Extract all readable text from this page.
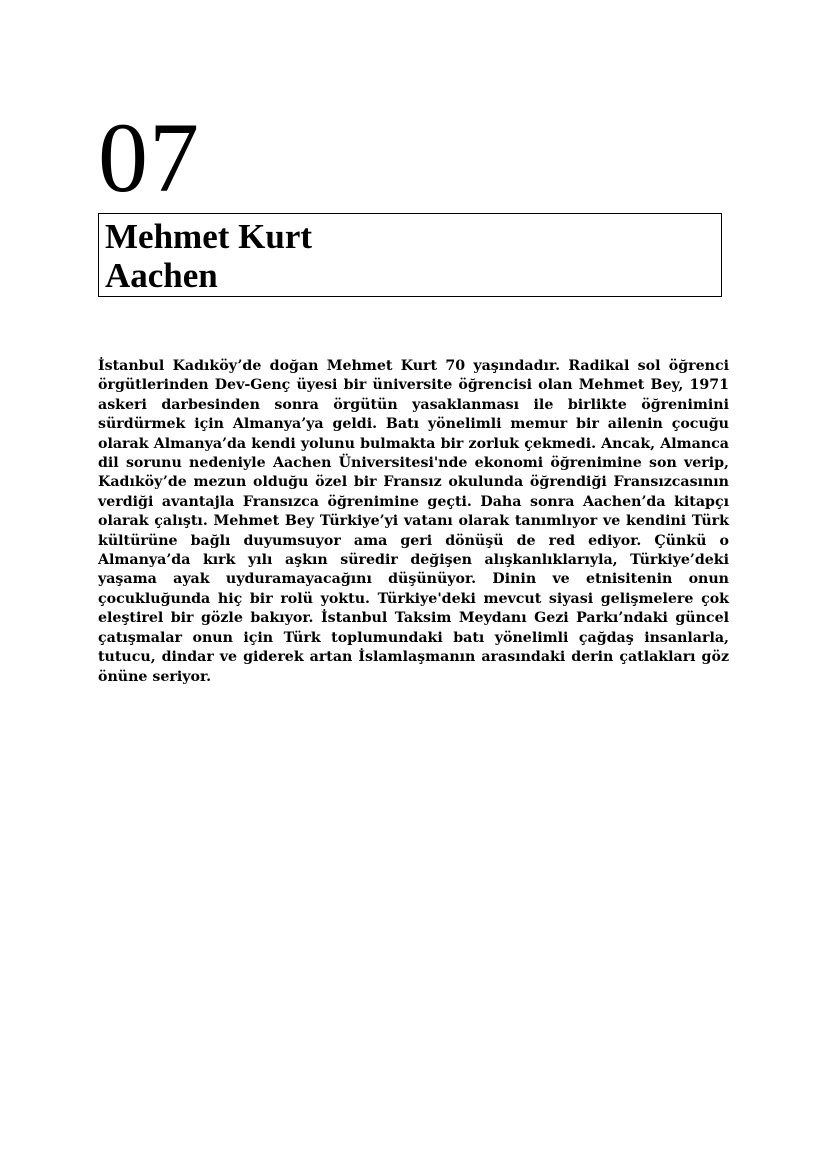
07
Mehmet Kurt
Aachen

İstanbul Kadıköy’de doğan Mehmet Kurt 70 yaşındadır. Radikal sol öğrenci örgütlerinden Dev-Genç üyesi bir üniversite öğrencisi olan Mehmet Bey, 1971 askeri darbesinden sonra örgütün yasaklanması ile birlikte öğrenimini sürdürmek için Almanya’ya geldi. Batı yönelimli memur bir ailenin çocuğu olarak Almanya’da kendi yolunu bulmakta bir zorluk çekmedi. Ancak, Almanca dil sorunu nedeniyle Aachen Üniversitesi'nde ekonomi öğrenimine son verip, Kadıköy’de mezun olduğu özel bir Fransız okulunda öğrendiği Fransızcasının verdiği avantajla Fransızca öğrenimine geçti. Daha sonra Aachen’da kitapçı olarak çalıştı. Mehmet Bey Türkiye’yi vatanı olarak tanımlıyor ve kendini Türk kültürüne bağlı duyumsuyor ama geri dönüşü de red ediyor. Çünkü o Almanya’da kırk yılı aşkın süredir değişen alışkanlıklarıyla, Türkiye’deki yaşama ayak uyduramayacağını düşünüyor. Dinin ve etnisitenin onun çocukluğunda hiç bir rolü yoktu. Türkiye'deki mevcut siyasi gelişmelere çok eleştirel bir gözle bakıyor. İstanbul Taksim Meydanı Gezi Parkı’ndaki güncel çatışmalar onun için Türk toplumundaki batı yönelimli çağdaş insanlarla, tutucu, dindar ve giderek artan İslamlaşmanın arasındaki derin çatlakları göz önüne seriyor.
